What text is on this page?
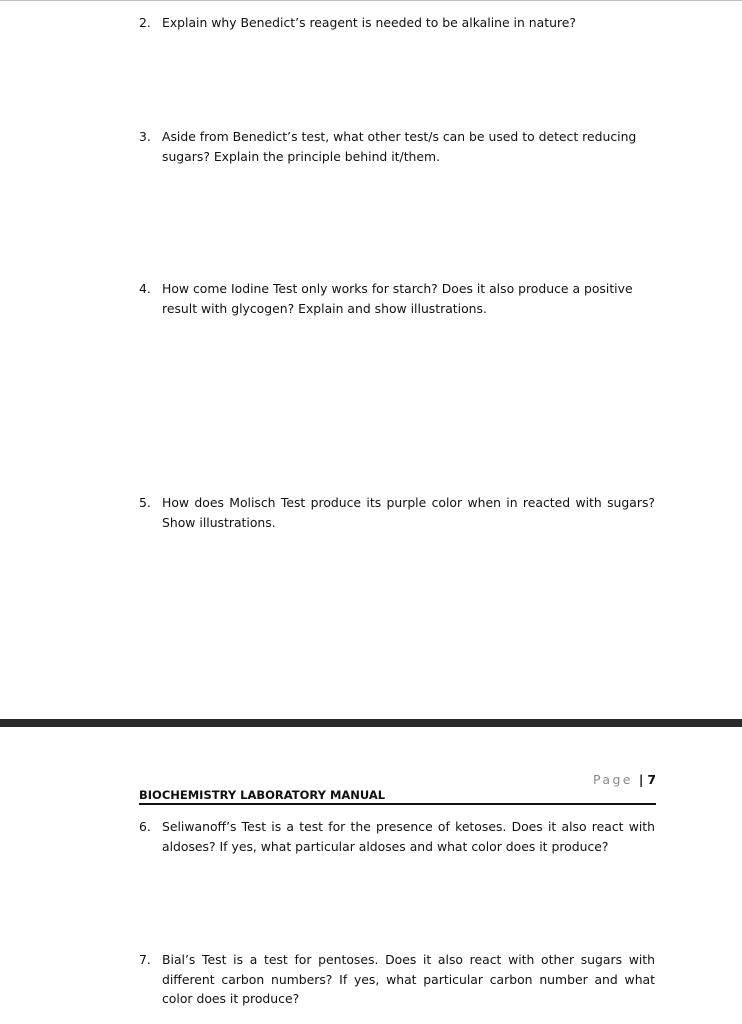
2. Explain why Benedict’s reagent is needed to be alkaline in nature?
3. Aside from Benedict’s test, what other test/s can be used to detect reducing sugars? Explain the principle behind it/them.
4. How come Iodine Test only works for starch? Does it also produce a positive result with glycogen? Explain and show illustrations.
5. How does Molisch Test produce its purple color when in reacted with sugars? Show illustrations.
Page | 7
BIOCHEMISTRY LABORATORY MANUAL
6. Seliwanoff’s Test is a test for the presence of ketoses. Does it also react with aldoses? If yes, what particular aldoses and what color does it produce?
7. Bial’s Test is a test for pentoses. Does it also react with other sugars with different carbon numbers? If yes, what particular carbon number and what color does it produce?
